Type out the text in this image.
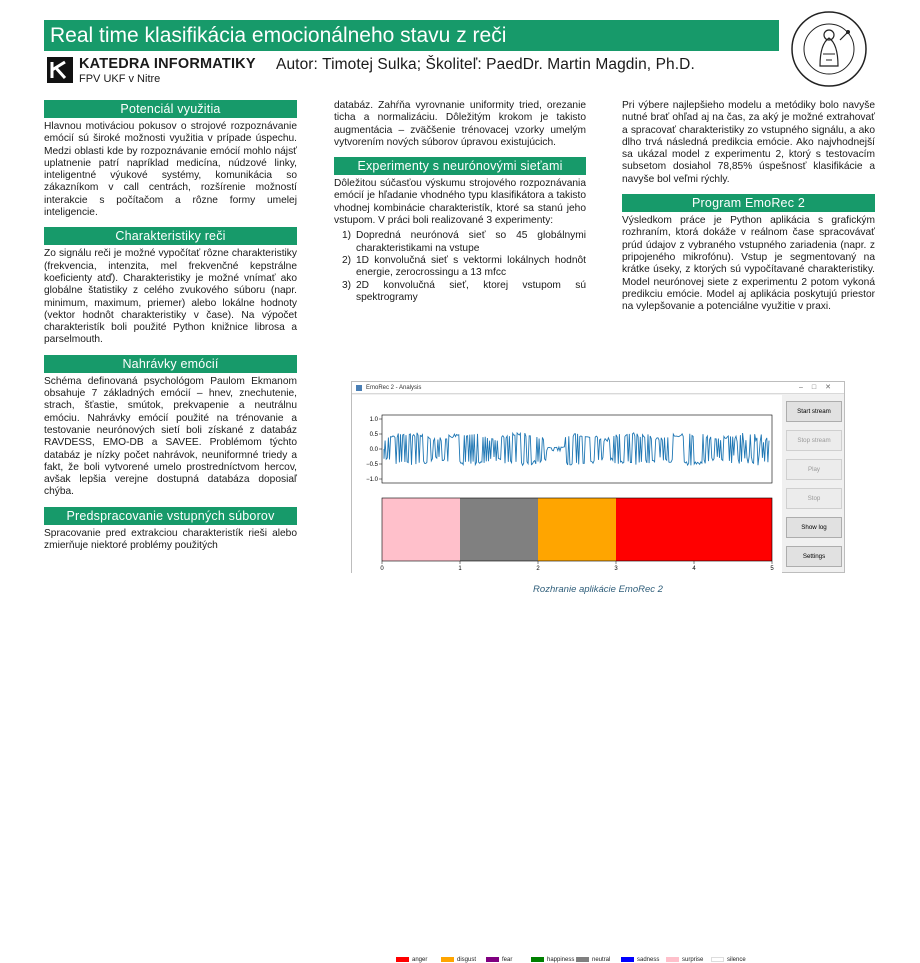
Real time klasifikácia emocionálneho stavu z reči
KATEDRA INFORMATIKY
FPV UKF v Nitre
Autor: Timotej Sulka; Školiteľ: PaedDr. Martin Magdin, Ph.D.
Potenciál využitia

Hlavnou motiváciou pokusov o strojové rozpoznávanie emócií sú široké možnosti využitia v prípade úspechu. Medzi oblasti kde by rozpoznávanie emócií mohlo nájsť uplatnenie patrí napríklad medicína, núdzové linky, inteligentné výukové systémy, komunikácia so zákazníkom v call centrách, rozšírenie možností interakcie s počítačom a rôzne formy umelej inteligencie.

Charakteristiky reči

Zo signálu reči je možné vypočítať rôzne charakteristiky (frekvencia, intenzita, mel frekvenčné kepstrálne koeficienty atď). Charakteristiky je možné vnímať ako globálne štatistiky z celého zvukového súboru (napr. minimum, maximum, priemer) alebo lokálne hodnoty (vektor hodnôt charakteristiky v čase). Na výpočet charakteristík boli použité Python knižnice librosa a parselmouth.

Nahrávky emócií

Schéma definovaná psychológom Paulom Ekmanom obsahuje 7 základných emócií – hnev, znechutenie, strach, šťastie, smútok, prekvapenie a neutrálnu emóciu. Nahrávky emócií použité na trénovanie a testovanie neurónových sietí boli získané z databáz RAVDESS, EMO-DB a SAVEE. Problémom týchto databáz je nízky počet nahrávok, neuniformné triedy a fakt, že boli vytvorené umelo prostredníctvom hercov, avšak lepšia verejne dostupná databáza doposiaľ chýba.

Predspracovanie vstupných súborov

Spracovanie pred extrakciou charakteristík rieši alebo zmierňuje niektoré problémy použitých

databáz. Zahŕňa vyrovnanie uniformity tried, orezanie ticha a normalizáciu. Dôležitým krokom je takisto augmentácia – zväčšenie trénovacej vzorky umelým vytvorením nových súborov úpravou existujúcich.

Experimenty s neurónovými sieťami

Dôležitou súčasťou výskumu strojového rozpoznávania emócií je hľadanie vhodného typu klasifikátora a takisto vhodnej kombinácie charakteristík, ktoré sa stanú jeho vstupom. V práci boli realizované 3 experimenty:

1) Dopredná neurónová sieť so 45 globálnymi charakteristikami na vstupe
2) 1D konvolučná sieť s vektormi lokálnych hodnôt energie, zerocrossingu a 13 mfcc
3) 2D konvolučná sieť, ktorej vstupom sú spektrogramy

Pri výbere najlepšieho modelu a metódiky bolo navyše nutné brať ohľad aj na čas, za aký je možné extrahovať a spracovať charakteristiky zo vstupného signálu, a ako dlho trvá následná predikcia emócie. Ako najvhodnejší sa ukázal model z experimentu 2, ktorý s testovacím subsetom dosiahol 78,85% úspešnosť klasifikácie a navyše bol veľmi rýchly.

Program EmoRec 2

Výsledkom práce je Python aplikácia s grafickým rozhraním, ktorá dokáže v reálnom čase spracovávať prúd údajov z vybraného vstupného zariadenia (napr. z pripojeného mikrofónu). Vstup je segmentovaný na krátke úseky, z ktorých sú vypočítavané charakteristiky. Model neurónovej siete z experimentu 2 potom vykoná predikciu emócie. Model aj aplikácia poskytujú priestor na vylepšovanie a potenciálne využitie v praxi.

EmoRec 2 - Analysis	–□✕
1.0
0.5
0.0
−0.5
−1.0
0	1	2	3	4	5
anger	disgust	fear	happiness	neutral	sadness	surprise	silence
Start stream
Stop stream
Play
Stop
Show log
Settings
Rozhranie aplikácie EmoRec 2
